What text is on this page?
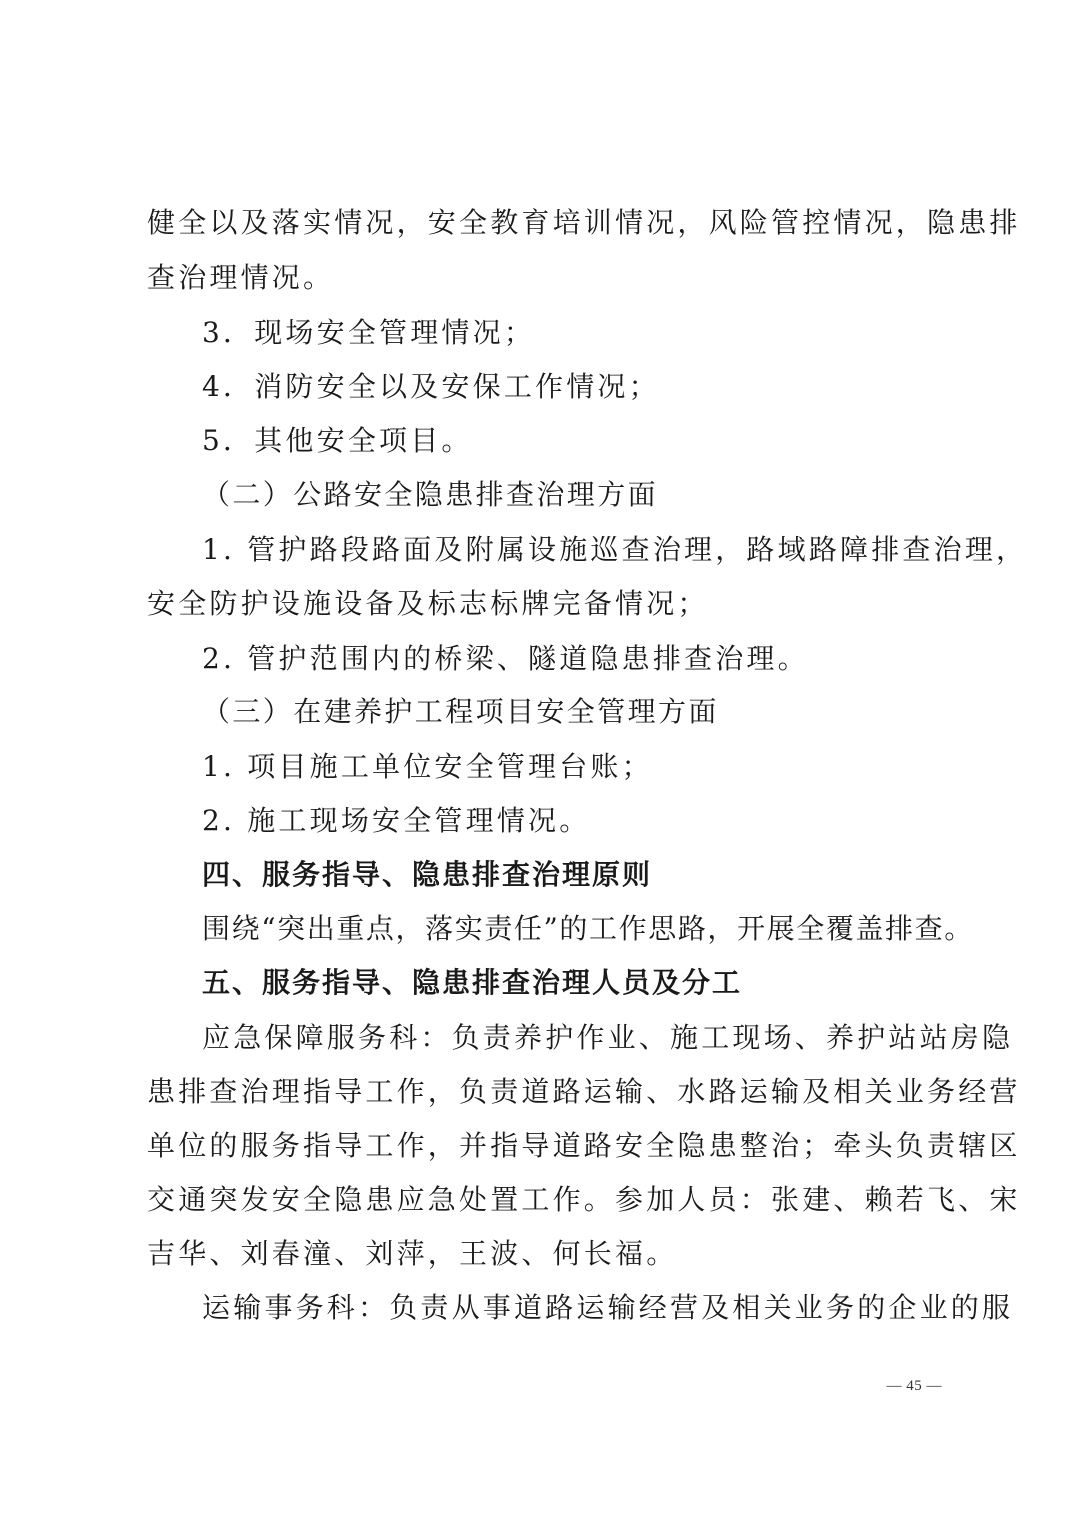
健全以及落实情况，安全教育培训情况，风险管控情况，隐患排
查治理情况。
3．现场安全管理情况；
4．消防安全以及安保工作情况；
5．其他安全项目。
（二）公路安全隐患排查治理方面
1. 管护路段路面及附属设施巡查治理，路域路障排查治理，
安全防护设施设备及标志标牌完备情况；
2. 管护范围内的桥梁、隧道隐患排查治理。
（三）在建养护工程项目安全管理方面
1. 项目施工单位安全管理台账；
2. 施工现场安全管理情况。
四、服务指导、隐患排查治理原则
围绕“突出重点，落实责任”的工作思路，开展全覆盖排查。
五、服务指导、隐患排查治理人员及分工
应急保障服务科：负责养护作业、施工现场、养护站站房隐
患排查治理指导工作，负责道路运输、水路运输及相关业务经营
单位的服务指导工作，并指导道路安全隐患整治；牵头负责辖区
交通突发安全隐患应急处置工作。参加人员：张建、赖若飞、宋
吉华、刘春潼、刘萍，王波、何长福。
运输事务科：负责从事道路运输经营及相关业务的企业的服
— 45 —
